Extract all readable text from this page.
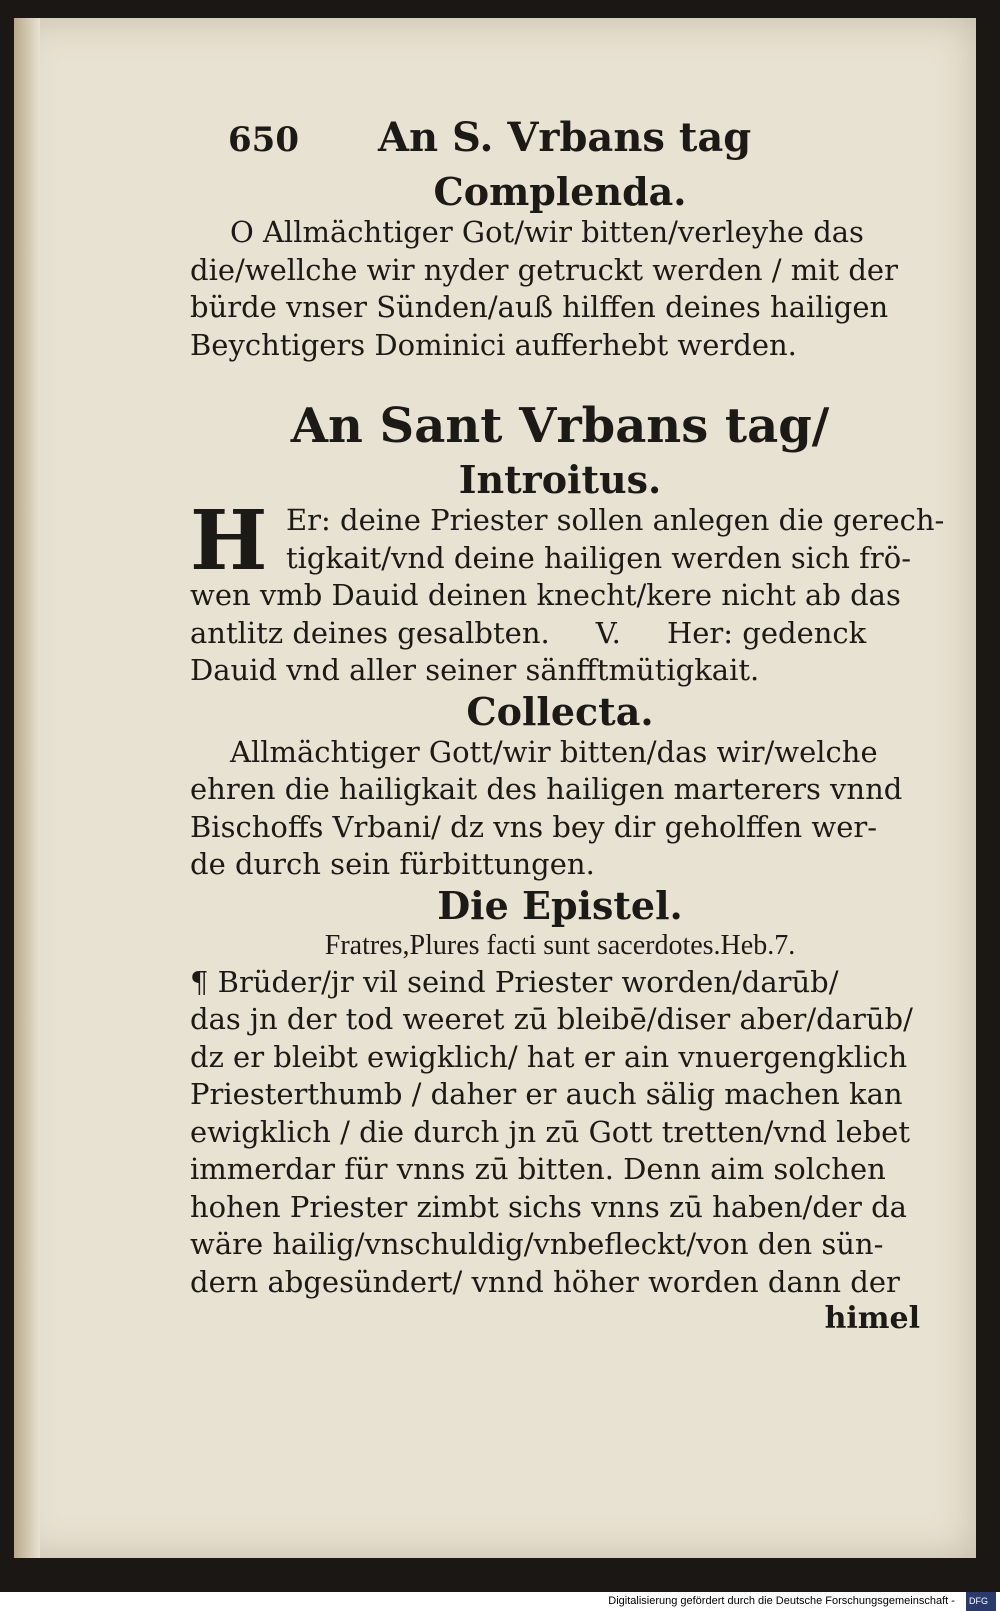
650	An S. Vrbans tag
Complenda.
O Allmächtiger Got/wir bitten/verleyhe das
die/wellche wir nyder getruckt werden / mit der
bürde vnser Sünden/auß hilffen deines hailigen
Beychtigers Dominici aufferhebt werden.
An Sant Vrbans tag/
Introitus.
H Er: deine Priester sollen anlegen die gerech-
tigkait/vnd deine hailigen werden sich frö-
wen vmb Dauid deinen knecht/kere nicht ab das
antlitz deines gesalbten.     V.     Her: gedenck
Dauid vnd aller seiner sänfftmütigkait.
Collecta.
Allmächtiger Gott/wir bitten/das wir/welche
ehren die hailigkait des hailigen marterers vnnd
Bischoffs Vrbani/ dz vns bey dir geholffen wer-
de durch sein fürbittungen.
Die Epistel.
Fratres,Plures facti sunt sacerdotes.Heb.7.
¶ Brüder/jr vil seind Priester worden/darūb/
das jn der tod weeret zū bleibē/diser aber/darūb/
dz er bleibt ewigklich/ hat er ain vnuergengklich
Priesterthumb / daher er auch sälig machen kan
ewigklich / die durch jn zū Gott tretten/vnd lebet
immerdar für vnns zū bitten. Denn aim solchen
hohen Priester zimbt sichs vnns zū haben/der da
wäre hailig/vnschuldig/vnbefleckt/von den sün-
dern abgesündert/ vnnd höher worden dann der
himel
Digitalisierung gefördert durch die Deutsche Forschungsgemeinschaft - DFG
